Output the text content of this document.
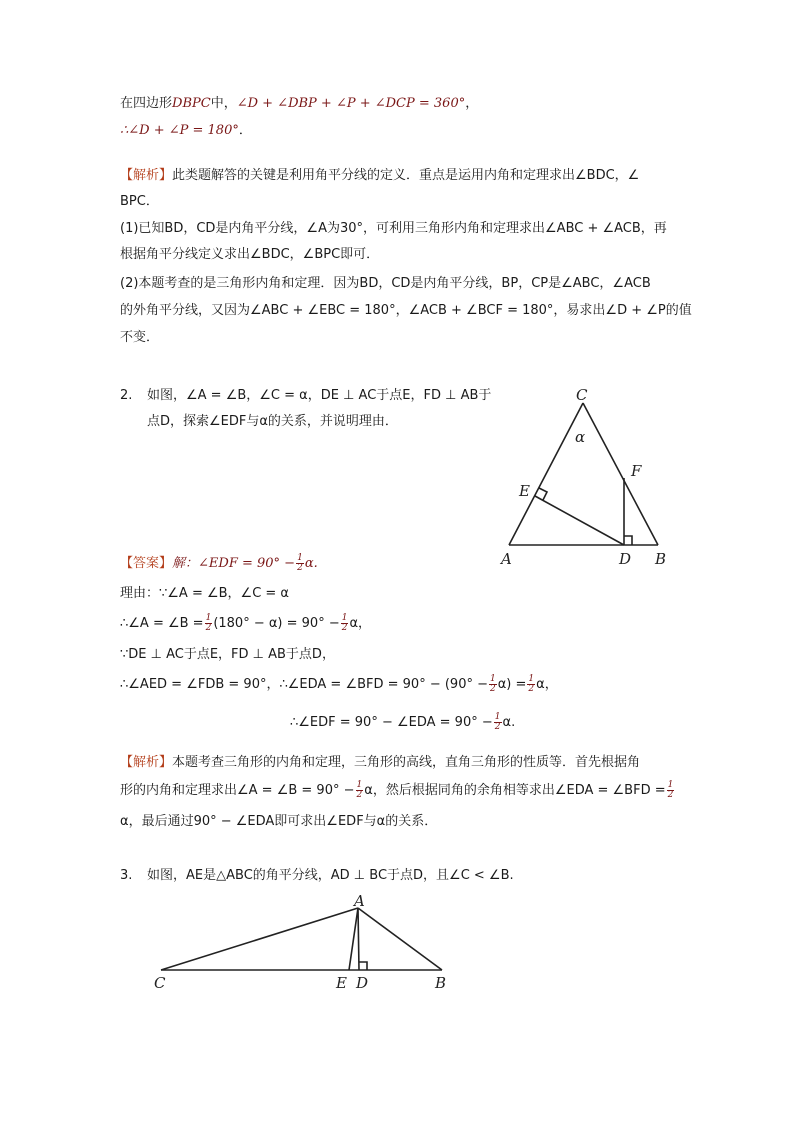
在四边形DBPC中，∠D + ∠DBP + ∠P + ∠DCP = 360°，
∴∠D + ∠P = 180°．
【解析】此类题解答的关键是利用角平分线的定义．重点是运用内角和定理求出∠BDC，∠
BPC．
(1)已知BD，CD是内角平分线，∠A为30°，可利用三角形内角和定理求出∠ABC + ∠ACB，再
根据角平分线定义求出∠BDC，∠BPC即可．
(2)本题考查的是三角形内角和定理．因为BD，CD是内角平分线，BP，CP是∠ABC，∠ACB
的外角平分线，又因为∠ABC + ∠EBC = 180°，∠ACB + ∠BCF = 180°，易求出∠D + ∠P的值
不变．
2. 如图，∠A = ∠B，∠C = α，DE ⊥ AC于点E，FD ⊥ AB于
点D，探索∠EDF与α的关系，并说明理由．
C
α
F
E
A	D B
【答案】解：∠EDF = $90^\circ - \frac{1}{2} \alpha$.
理由：∵∠A = ∠B，∠C = α
∴∠A = ∠B = $\frac{1}{2} (180^\circ - \alpha) = 90^\circ - \frac{1}{2}$ α，
∵DE ⊥ AC于点E，FD ⊥ AB于点D，
∴∠AED = ∠FDB = 90°，∴∠EDA = ∠BFD = $90^\circ - (90^\circ - \frac{1}{2} \alpha) = \frac{1}{2}$ α，
∴∠EDF = 90° − ∠EDA = $90^\circ - \frac{1}{2} \alpha$.
【解析】本题考查三角形的内角和定理，三角形的高线，直角三角形的性质等．首先根据角
形的内角和定理求出∠A = ∠B = $90^\circ - \frac{1}{2}$ α，然后根据同角的余角相等求出∠EDA = ∠BFD = $\frac{1}{2}$
α，最后通过90° − ∠EDA即可求出∠EDF与α的关系．
3. 如图，AE是△ABC的角平分线，AD ⊥ BC于点D，且∠C < ∠B.
A
C	E D	B
